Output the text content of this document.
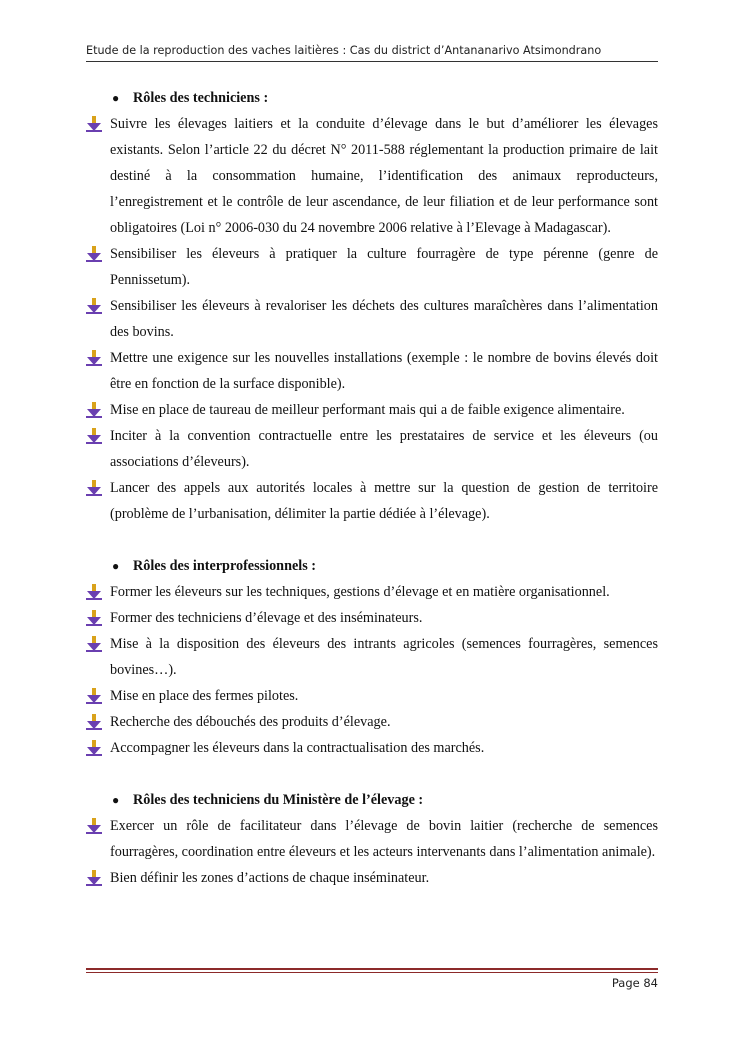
Etude de la reproduction des vaches laitières : Cas du district d’Antananarivo Atsimondrano
● Rôles des techniciens :
Suivre les élevages laitiers et la conduite d’élevage dans le but d’améliorer les élevages existants. Selon l’article 22 du décret N° 2011-588 réglementant la production primaire de lait destiné à la consommation humaine, l’identification des animaux reproducteurs, l’enregistrement et le contrôle de leur ascendance, de leur filiation et de leur performance sont obligatoires (Loi n° 2006-030 du 24 novembre 2006 relative à l’Elevage à Madagascar).
Sensibiliser les éleveurs à pratiquer la culture fourragère de type pérenne (genre de Pennissetum).
Sensibiliser les éleveurs à revaloriser les déchets des cultures maraîchères dans l’alimentation des bovins.
Mettre une exigence sur les nouvelles installations (exemple : le nombre de bovins élevés doit être en fonction de la surface disponible).
Mise en place de taureau de meilleur performant mais qui a de faible exigence alimentaire.
Inciter à la convention contractuelle entre les prestataires de service et les éleveurs (ou associations d’éleveurs).
Lancer des appels aux autorités locales à mettre sur la question de gestion de territoire (problème de l’urbanisation, délimiter la partie dédiée à l’élevage).
● Rôles des interprofessionnels :
Former les éleveurs sur les techniques, gestions d’élevage et en matière organisationnel.
Former des techniciens d’élevage et des inséminateurs.
Mise à la disposition des éleveurs des intrants agricoles (semences fourragères, semences bovines…).
Mise en place des fermes pilotes.
Recherche des débouchés des produits d’élevage.
Accompagner les éleveurs dans la contractualisation des marchés.
● Rôles des techniciens du Ministère de l’élevage :
Exercer un rôle de facilitateur dans l’élevage de bovin laitier (recherche de semences fourragères, coordination entre éleveurs et les acteurs intervenants dans l’alimentation animale).
Bien définir les zones d’actions de chaque inséminateur.
Page 84
